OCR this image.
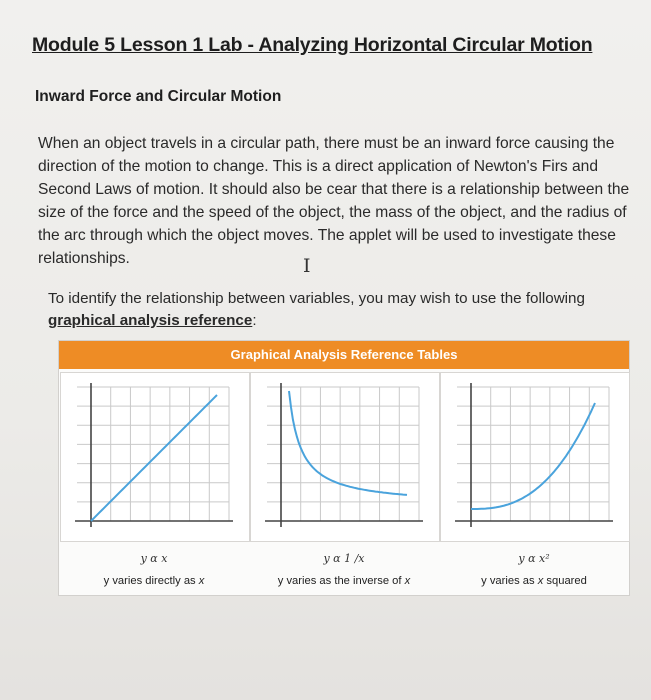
Module 5 Lesson 1 Lab - Analyzing Horizontal Circular Motion
Inward Force and Circular Motion
When an object travels in a circular path, there must be an inward force causing the direction of the motion to change. This is a direct application of Newton's Firs and Second Laws of motion. It should also be cear that there is a relationship between the size of the force and the speed of the object, the mass of the object, and the radius of the arc through which the object moves. The applet will be used to investigate these relationships.	I
To identify the relationship between variables, you may wish to use the following graphical analysis reference:
Graphical Analysis Reference Tables
y α x
y varies directly as x
y α 1 /x
y varies as the inverse of x
y α x²
y varies as x squared
